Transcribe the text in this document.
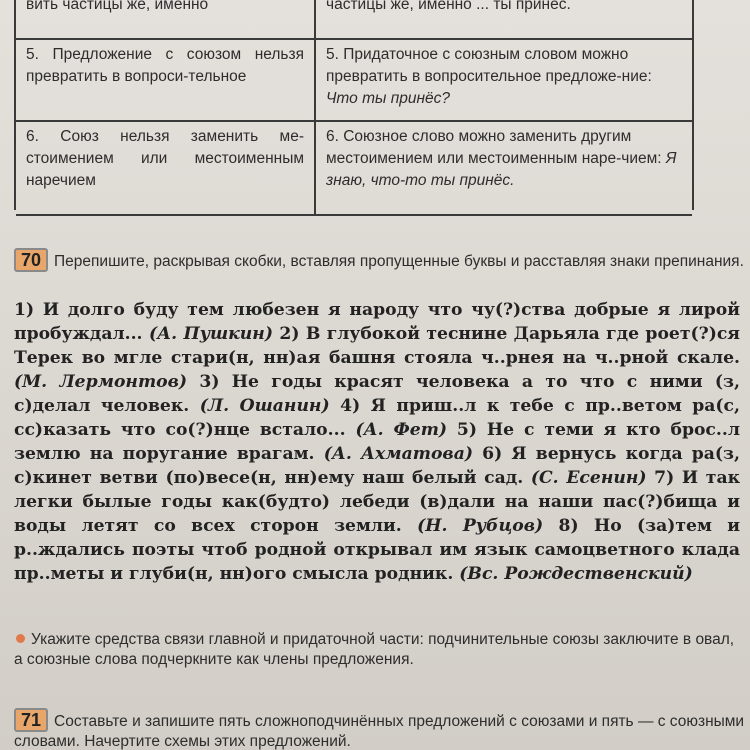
вить частицы же, именно	частицы же, именно ... ты принёс.
5. Предложение с союзом нельзя превратить в вопроси-тельное
5. Придаточное с союзным словом можно превратить в вопросительное предложе-ние: Что ты принёс?
6. Союз нельзя заменить ме-стоимением или местоименным наречием
6. Союзное слово можно заменить другим местоимением или местоименным наре-чием: Я знаю, что-то ты принёс.
70 Перепишите, раскрывая скобки, вставляя пропущенные буквы и расставляя знаки препинания.
1) И долго буду тем любезен я народу что чу(?)ства добрые я лирой пробуждал... (А. Пушкин) 2) В глубокой теснине Дарьяла где роет(?)ся Терек во мгле стари(н, нн)ая башня стояла ч..рнея на ч..рной скале. (М. Лермонтов) 3) Не годы красят человека а то что с ними (з, с)делал человек. (Л. Ошанин) 4) Я приш..л к тебе с пр..ветом ра(с, сс)казать что со(?)нце встало... (А. Фет) 5) Не с теми я кто брос..л землю на поругание врагам. (А. Ахматова) 6) Я вернусь когда ра(з, с)кинет ветви (по)весе(н, нн)ему наш белый сад. (С. Есенин) 7) И так легки былые годы как(будто) лебеди (в)дали на наши пас(?)бища и воды летят со всех сторон земли. (Н. Рубцов) 8) Но (за)тем и р..ждались поэты чтоб родной открывал им язык самоцветного клада пр..меты и глуби(н, нн)ого смысла родник. (Вс. Рождественский)
Укажите средства связи главной и придаточной части: подчинительные союзы заключите в овал, а союзные слова подчеркните как члены предложения.
71 Составьте и запишите пять сложноподчинённых предложений с союзами и пять — с союзными словами. Начертите схемы этих предложений.
